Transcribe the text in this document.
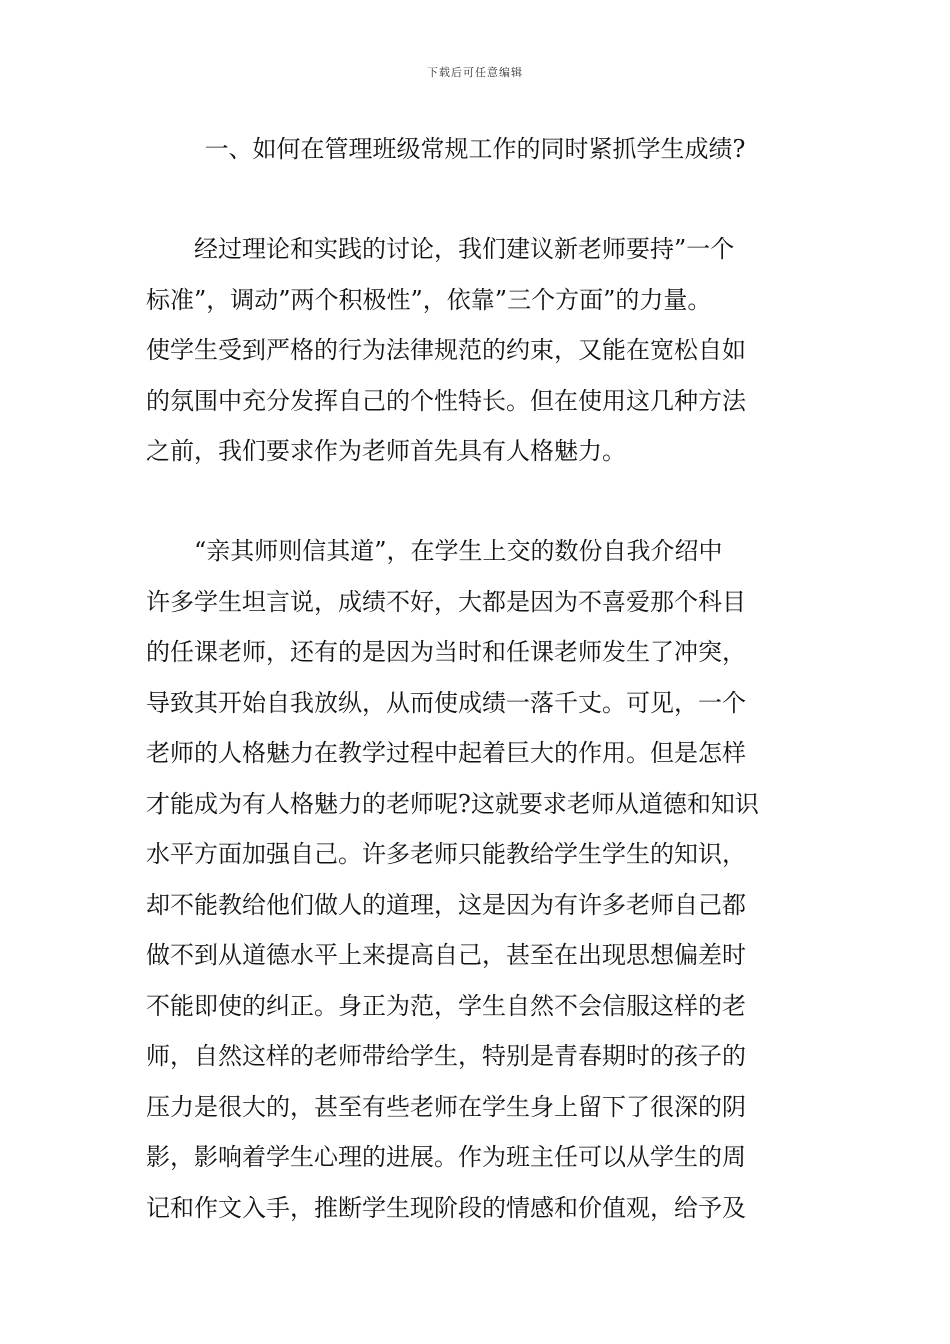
下载后可任意编辑
一、如何在管理班级常规工作的同时紧抓学生成绩?
经过理论和实践的讨论，我们建议新老师要持”一个
标准”，调动”两个积极性”，依靠”三个方面”的力量。
使学生受到严格的行为法律规范的约束，又能在宽松自如
的氛围中充分发挥自己的个性特长。但在使用这几种方法
之前，我们要求作为老师首先具有人格魅力。
“亲其师则信其道”，在学生上交的数份自我介绍中
许多学生坦言说，成绩不好，大都是因为不喜爱那个科目
的任课老师，还有的是因为当时和任课老师发生了冲突，
导致其开始自我放纵，从而使成绩一落千丈。可见，一个
老师的人格魅力在教学过程中起着巨大的作用。但是怎样
才能成为有人格魅力的老师呢?这就要求老师从道德和知识
水平方面加强自己。许多老师只能教给学生学生的知识，
却不能教给他们做人的道理，这是因为有许多老师自己都
做不到从道德水平上来提高自己，甚至在出现思想偏差时
不能即使的纠正。身正为范，学生自然不会信服这样的老
师，自然这样的老师带给学生，特别是青春期时的孩子的
压力是很大的，甚至有些老师在学生身上留下了很深的阴
影，影响着学生心理的进展。作为班主任可以从学生的周
记和作文入手，推断学生现阶段的情感和价值观，给予及
